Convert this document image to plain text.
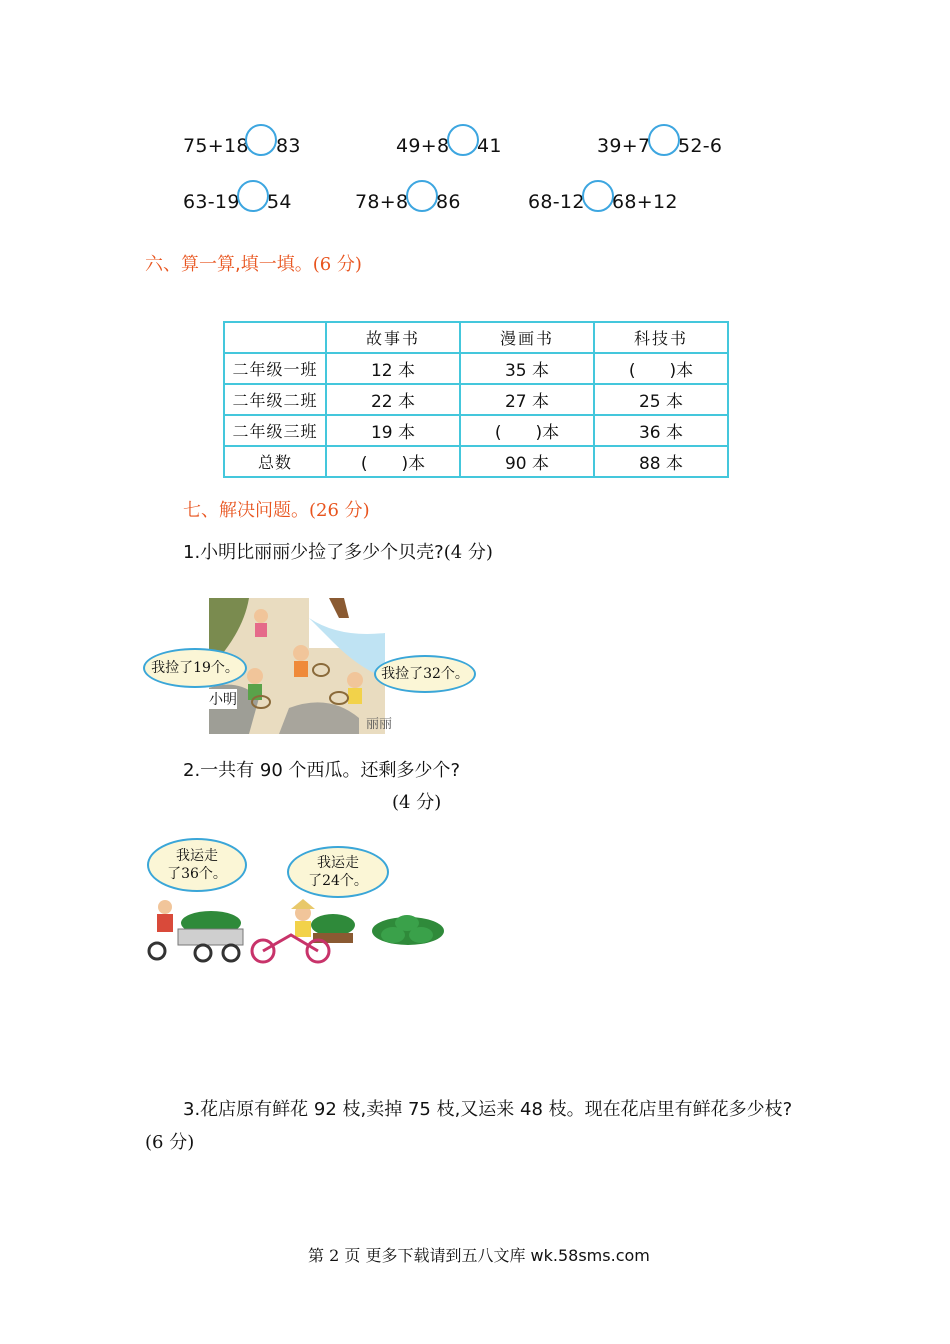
75+18 83	49+8 41	39+7 52-6
63-19 54	78+8 86	68-12 68+12
六、算一算,填一填。(6 分)
	故事书	漫画书	科技书
二年级一班	12 本	35 本	(　　)本
二年级二班	22 本	27 本	25 本
二年级三班	19 本	(　　)本	36 本
总数	(　　)本	90 本	88 本
七、解决问题。(26 分)
1.小明比丽丽少捡了多少个贝壳?(4 分)
我捡了19个。	我捡了32个。
小明
丽丽
2.一共有 90 个西瓜。还剩多少个?
(4 分)
我运走
了36个。
我运走
了24个。
3.花店原有鲜花 92 枝,卖掉 75 枝,又运来 48 枝。现在花店里有鲜花多少枝?
(6 分)
第 2 页 更多下载请到五八文库 wk.58sms.com
